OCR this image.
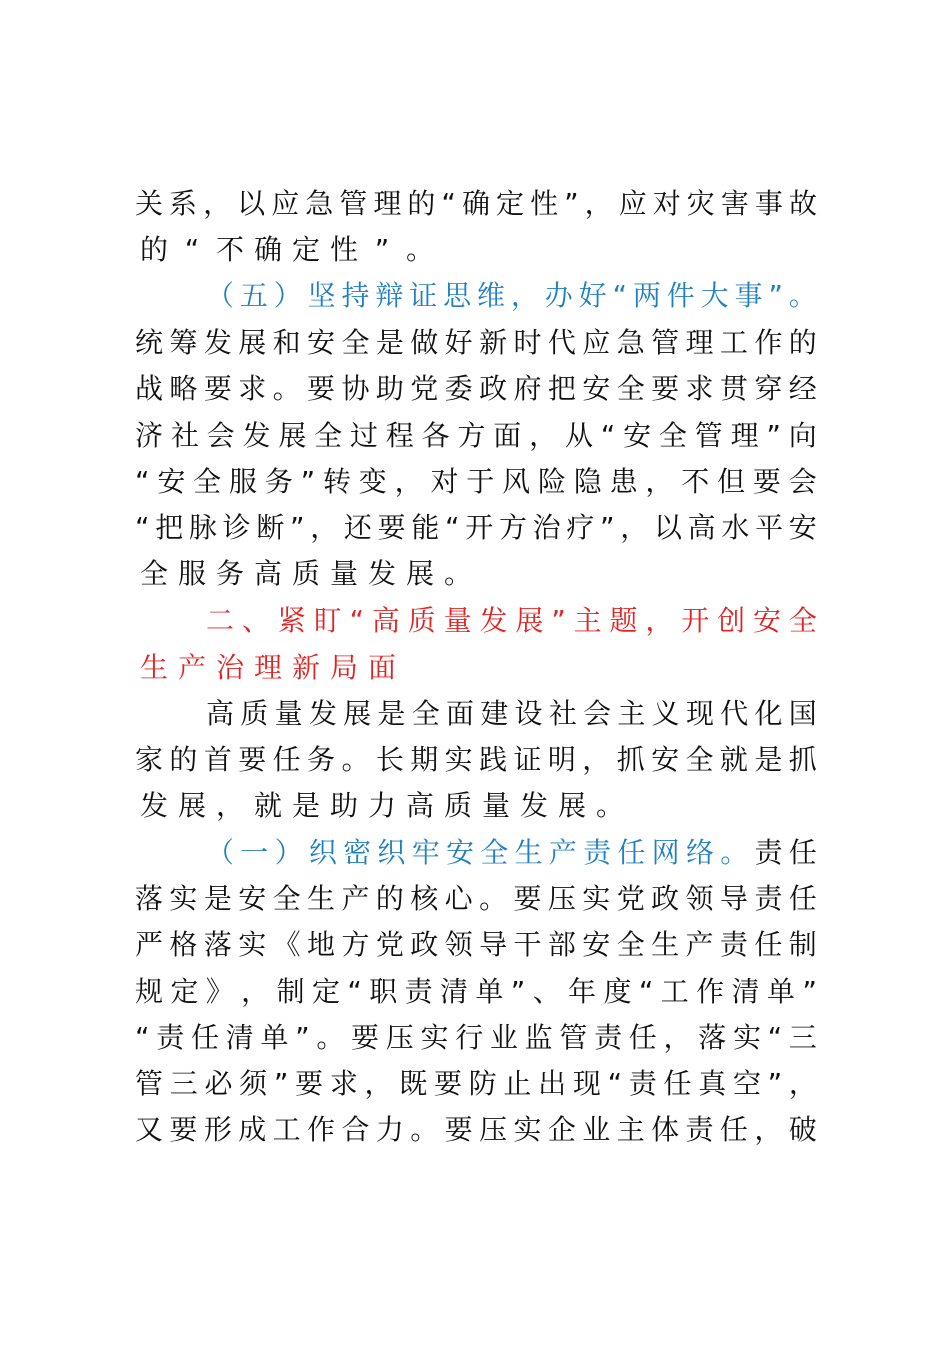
关 系 ， 以 应 急 管 理 的 “ 确 定 性 ” ， 应 对 灾 害 事 故
的 “ 不 确 定 性 ” 。
（ 五 ） 坚 持 辩 证 思 维 ， 办 好 “ 两 件 大 事 ” 。
统 筹 发 展 和 安 全 是 做 好 新 时 代 应 急 管 理 工 作 的
战 略 要 求 。 要 协 助 党 委 政 府 把 安 全 要 求 贯 穿 经
济 社 会 发 展 全 过 程 各 方 面 ， 从 “ 安 全 管 理 ” 向
“ 安 全 服 务 ” 转 变 ， 对 于 风 险 隐 患 ， 不 但 要 会
“ 把 脉 诊 断 ” ， 还 要 能 “ 开 方 治 疗 ” ， 以 高 水 平 安
全 服 务 高 质 量 发 展 。
二 、 紧 盯 “ 高 质 量 发 展 ” 主 题 ， 开 创 安 全
生 产 治 理 新 局 面
高 质 量 发 展 是 全 面 建 设 社 会 主 义 现 代 化 国
家 的 首 要 任 务 。 长 期 实 践 证 明 ， 抓 安 全 就 是 抓
发 展 ， 就 是 助 力 高 质 量 发 展 。
（ 一 ） 织 密 织 牢 安 全 生 产 责 任 网 络 。 责 任
落 实 是 安 全 生 产 的 核 心 。 要 压 实 党 政 领 导 责 任
严 格 落 实 《 地 方 党 政 领 导 干 部 安 全 生 产 责 任 制
规 定 》 ， 制 定 “ 职 责 清 单 ” 、 年 度 “ 工 作 清 单 ”
“ 责 任 清 单 ” 。 要 压 实 行 业 监 管 责 任 ， 落 实 “ 三
管 三 必 须 ” 要 求 ， 既 要 防 止 出 现 “ 责 任 真 空 ” ，
又 要 形 成 工 作 合 力 。 要 压 实 企 业 主 体 责 任 ， 破
